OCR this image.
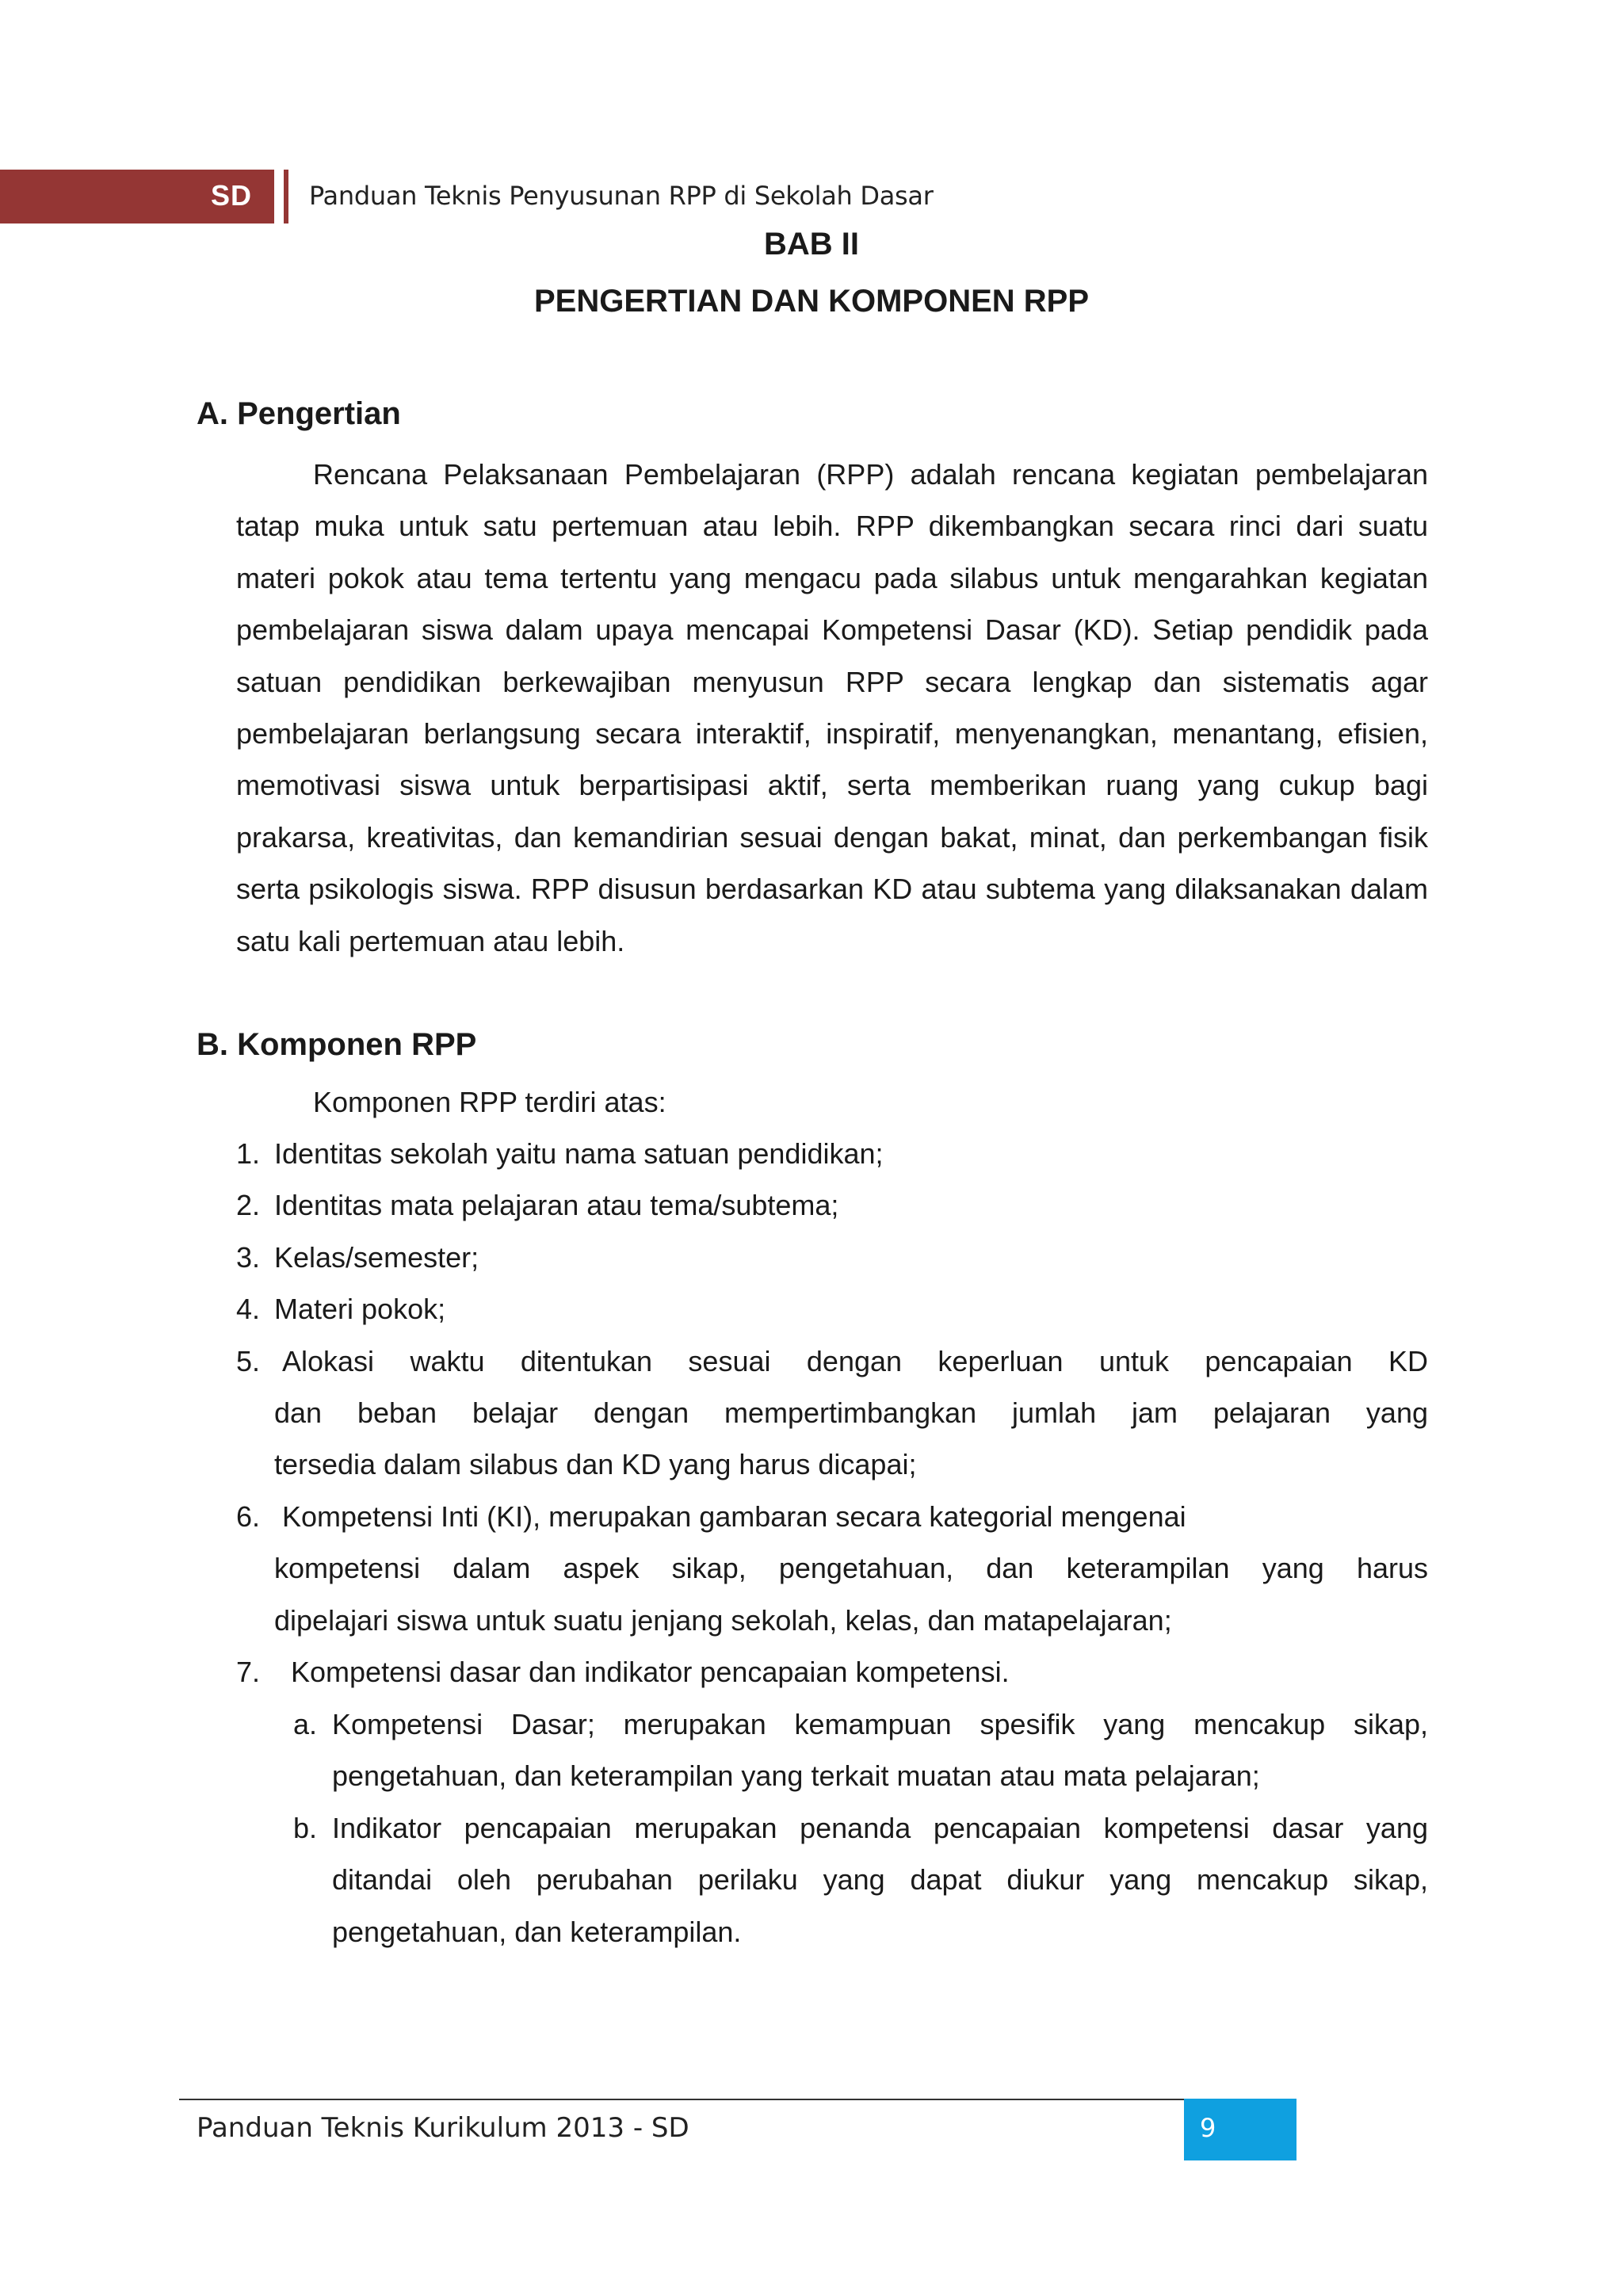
SD Panduan Teknis Penyusunan RPP di Sekolah Dasar
BAB II
PENGERTIAN DAN KOMPONEN RPP
A. Pengertian
Rencana Pelaksanaan Pembelajaran (RPP) adalah rencana kegiatan pembelajaran tatap muka untuk satu pertemuan atau lebih. RPP dikembangkan secara rinci dari suatu materi pokok atau tema tertentu yang mengacu pada silabus untuk mengarahkan kegiatan pembelajaran siswa dalam upaya mencapai Kompetensi Dasar (KD). Setiap pendidik pada satuan pendidikan berkewajiban menyusun RPP secara lengkap dan sistematis agar pembelajaran berlangsung secara interaktif, inspiratif, menyenangkan, menantang, efisien, memotivasi siswa untuk berpartisipasi aktif, serta memberikan ruang yang cukup bagi prakarsa, kreativitas, dan kemandirian sesuai dengan bakat, minat, dan perkembangan fisik serta psikologis siswa. RPP disusun berdasarkan KD atau subtema yang dilaksanakan dalam satu kali pertemuan atau lebih.
B. Komponen RPP
Komponen RPP terdiri atas:
1. Identitas sekolah yaitu nama satuan pendidikan;
2. Identitas mata pelajaran atau tema/subtema;
3. Kelas/semester;
4. Materi pokok;
5. Alokasi waktu ditentukan sesuai dengan keperluan untuk pencapaian KD
dan beban belajar dengan mempertimbangkan jumlah jam pelajaran yang
tersedia dalam silabus dan KD yang harus dicapai;
6. Kompetensi Inti (KI), merupakan gambaran secara kategorial mengenai
kompetensi dalam aspek sikap, pengetahuan, dan keterampilan yang harus
dipelajari siswa untuk suatu jenjang sekolah, kelas, dan matapelajaran;
7. Kompetensi dasar dan indikator pencapaian kompetensi.
a. Kompetensi Dasar; merupakan kemampuan spesifik yang mencakup sikap,
pengetahuan, dan keterampilan yang terkait muatan atau mata pelajaran;
b. Indikator pencapaian merupakan penanda pencapaian kompetensi dasar yang
ditandai oleh perubahan perilaku yang dapat diukur yang mencakup sikap,
pengetahuan, dan keterampilan.
Panduan Teknis Kurikulum 2013 - SD	9
